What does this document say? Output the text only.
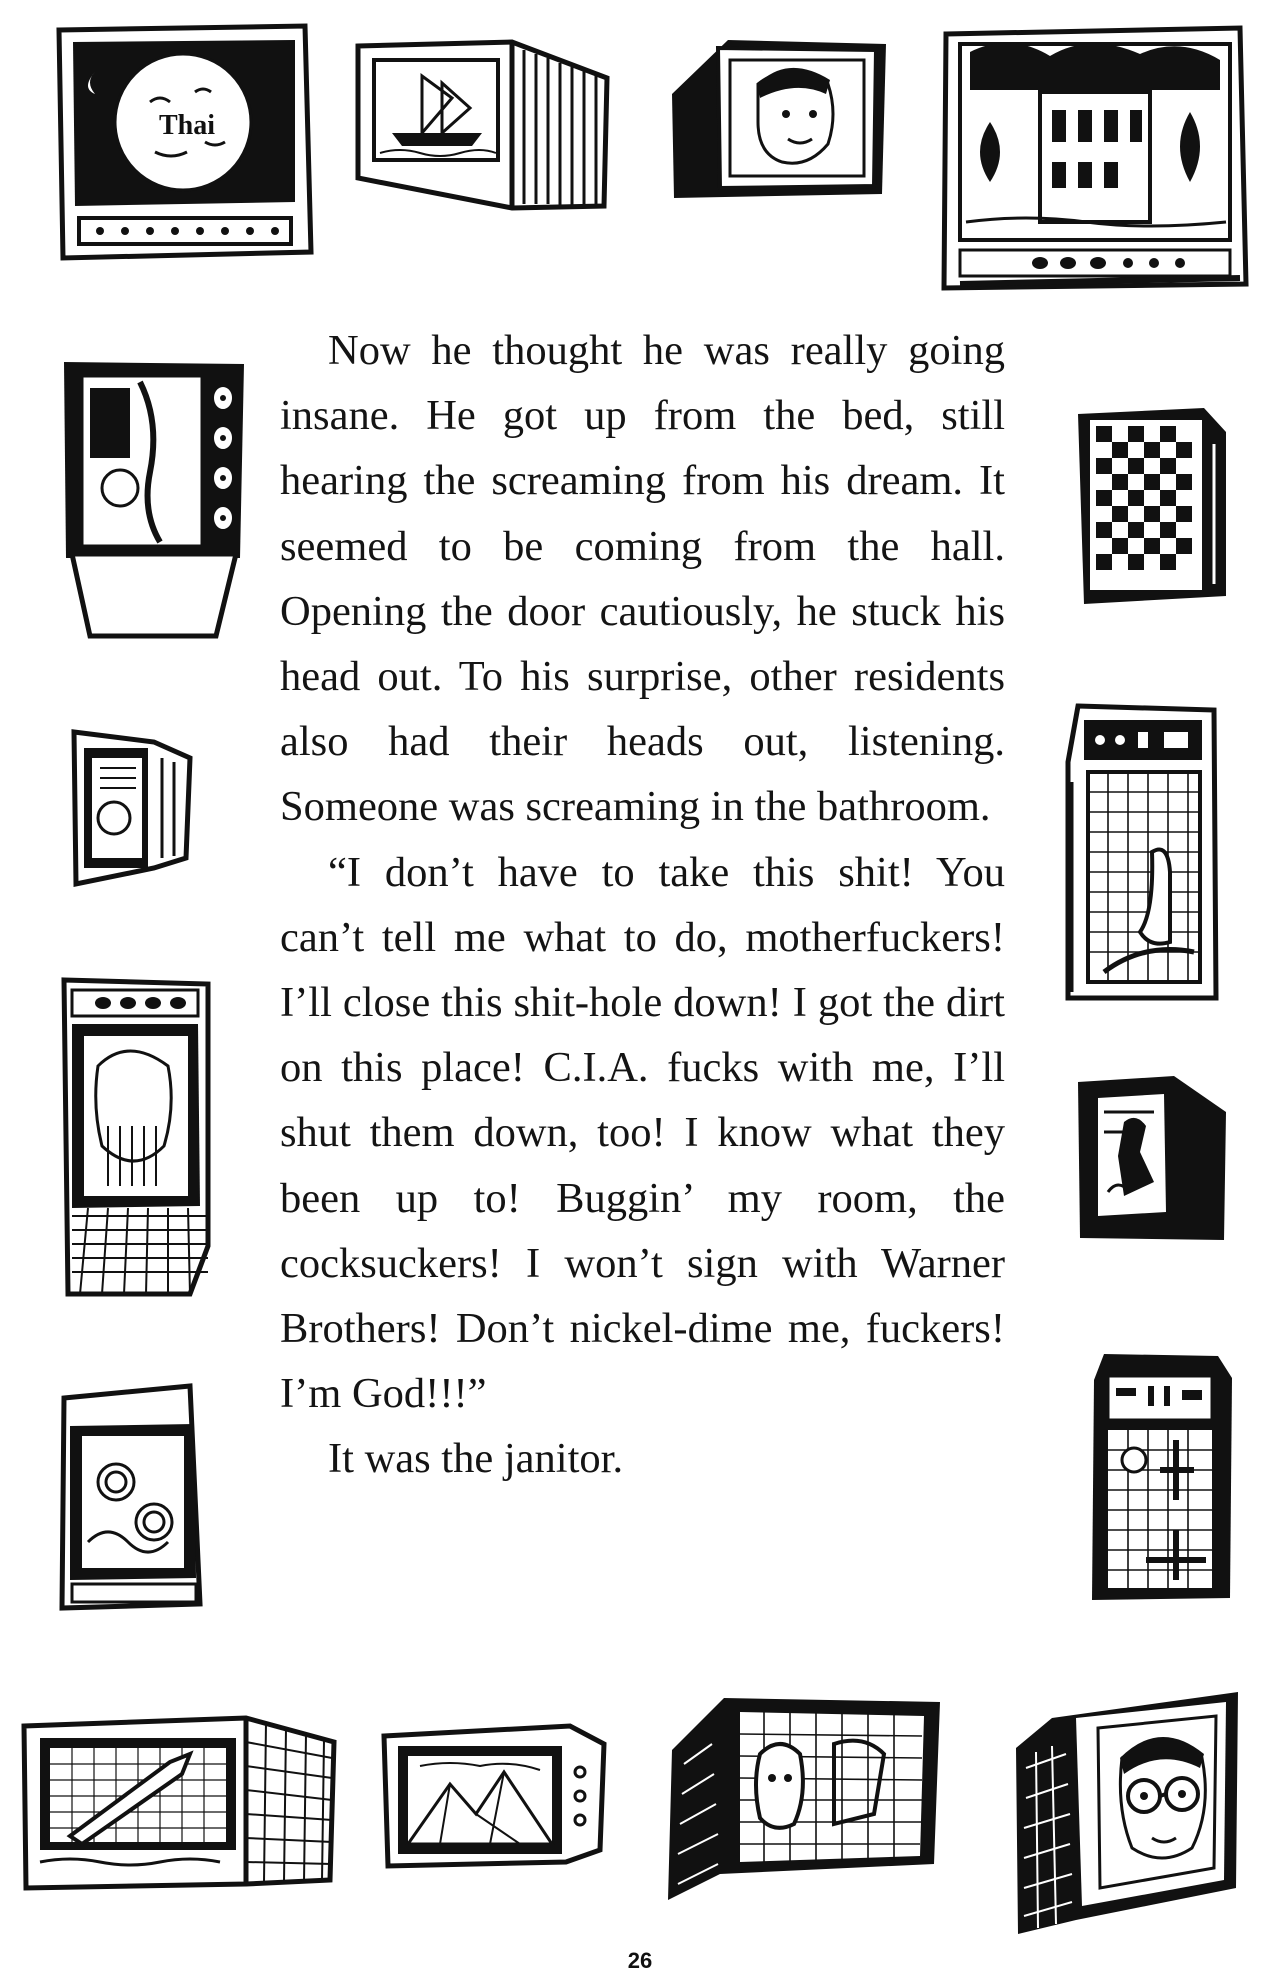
Thai

Now he thought he was really going insane. He got up from the bed, still hearing the screaming from his dream. It seemed to be coming from the hall. Opening the door cautiously, he stuck his head out. To his surprise, other residents also had their heads out, listening. Someone was screaming in the bathroom.

“I don’t have to take this shit! You can’t tell me what to do, motherfuckers! I’ll close this shit-hole down! I got the dirt on this place! C.I.A. fucks with me, I’ll shut them down, too! I know what they been up to! Buggin’ my room, the cocksuckers! I won’t sign with Warner Brothers! Don’t nickel-dime me, fuckers! I’m God!!!”

It was the janitor.

26
